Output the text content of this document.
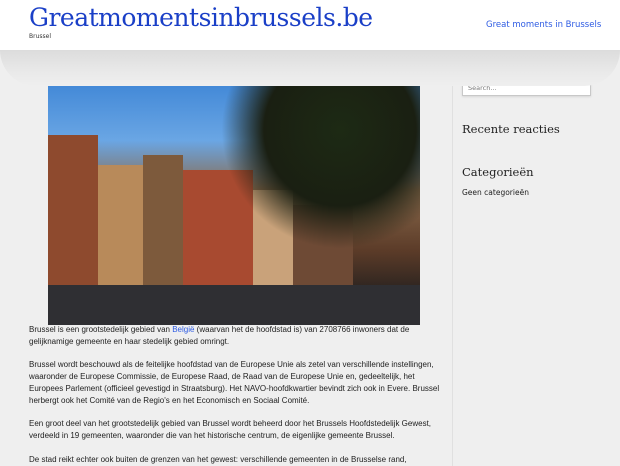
Greatmomentsinbrussels.be
Brussel
Great moments in Brussels

Brussel is een grootstedelijk gebied van België (waarvan het de hoofdstad is) van 2708766 inwoners dat de gelijknamige gemeente en haar stedelijk gebied omringt.

Brussel wordt beschouwd als de feitelijke hoofdstad van de Europese Unie als zetel van verschillende instellingen, waaronder de Europese Commissie, de Europese Raad, de Raad van de Europese Unie en, gedeeltelijk, het Europees Parlement (officieel gevestigd in Straatsburg). Het NAVO-hoofdkwartier bevindt zich ook in Evere. Brussel herbergt ook het Comité van de Regio's en het Economisch en Sociaal Comité.

Een groot deel van het grootstedelijk gebied van Brussel wordt beheerd door het Brussels Hoofdstedelijk Gewest, verdeeld in 19 gemeenten, waaronder die van het historische centrum, de eigenlijke gemeente Brussel.

De stad reikt echter ook buiten de grenzen van het gewest: verschillende gemeenten in de Brusselse rand,

Search...
Recente reacties
Categorieën
Geen categorieën
